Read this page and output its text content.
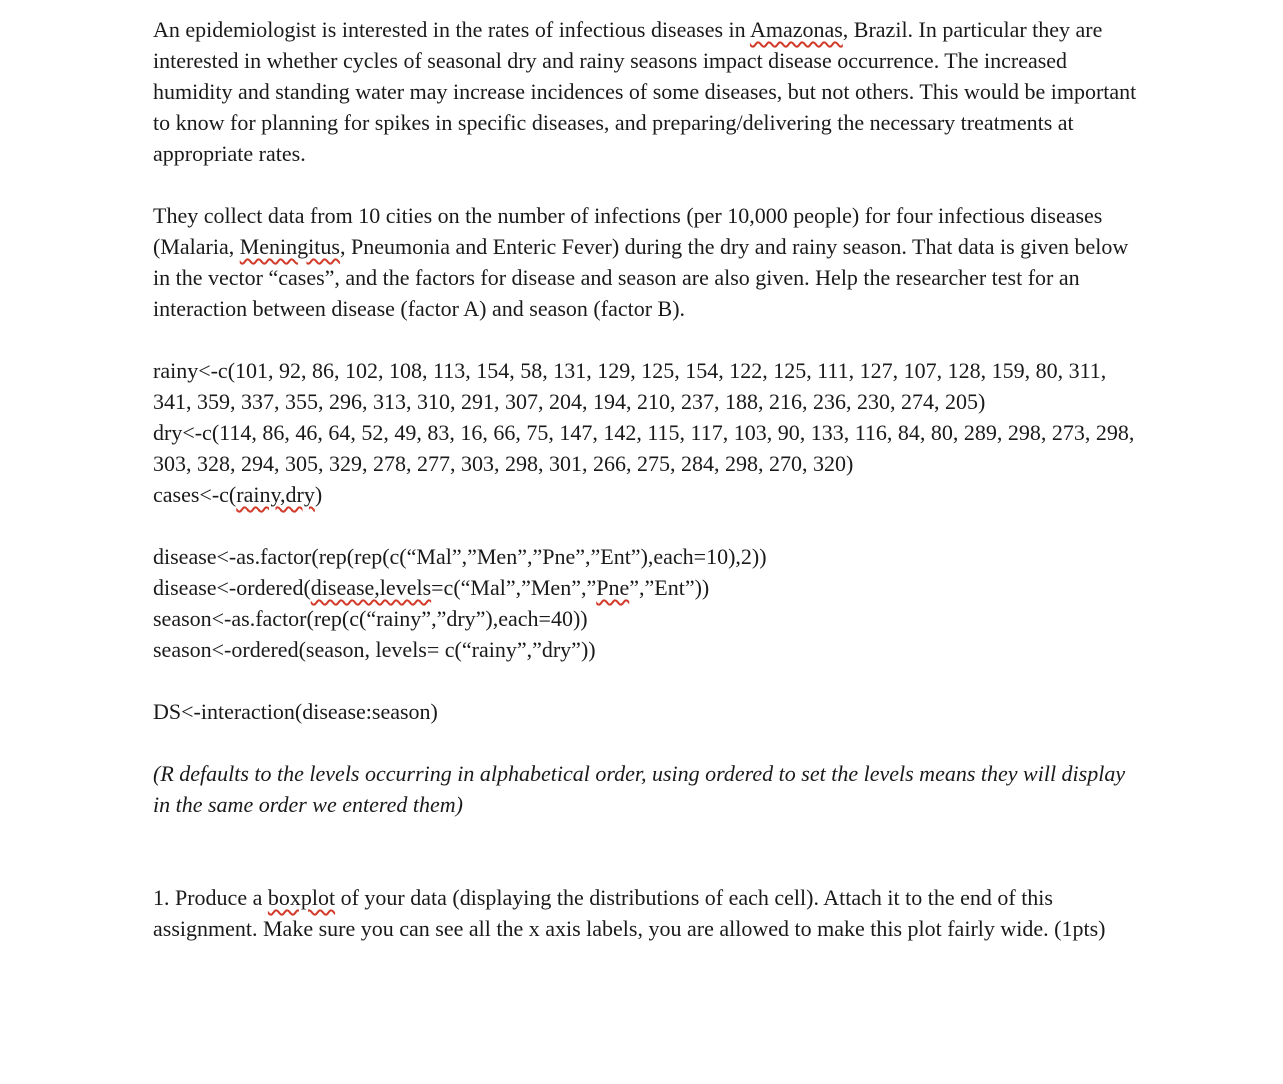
An epidemiologist is interested in the rates of infectious diseases in Amazonas, Brazil. In particular they are interested in whether cycles of seasonal dry and rainy seasons impact disease occurrence. The increased humidity and standing water may increase incidences of some diseases, but not others. This would be important to know for planning for spikes in specific diseases, and preparing/delivering the necessary treatments at appropriate rates.

They collect data from 10 cities on the number of infections (per 10,000 people) for four infectious diseases (Malaria, Meningitus, Pneumonia and Enteric Fever) during the dry and rainy season. That data is given below in the vector “cases”, and the factors for disease and season are also given. Help the researcher test for an interaction between disease (factor A) and season (factor B).

rainy<-c(101, 92, 86, 102, 108, 113, 154, 58, 131, 129, 125, 154, 122, 125, 111, 127, 107, 128, 159, 80, 311, 341, 359, 337, 355, 296, 313, 310, 291, 307, 204, 194, 210, 237, 188, 216, 236, 230, 274, 205)

dry<-c(114, 86, 46, 64, 52, 49, 83, 16, 66, 75, 147, 142, 115, 117, 103, 90, 133, 116, 84, 80, 289, 298, 273, 298, 303, 328, 294, 305, 329, 278, 277, 303, 298, 301, 266, 275, 284, 298, 270, 320)

cases<-c(rainy,dry)

disease<-as.factor(rep(rep(c(“Mal”,”Men”,”Pne”,”Ent”),each=10),2))

disease<-ordered(disease,levels=c(“Mal”,”Men”,”Pne”,”Ent”))

season<-as.factor(rep(c(“rainy”,”dry”),each=40))

season<-ordered(season, levels= c(“rainy”,”dry”))

DS<-interaction(disease:season)

(R defaults to the levels occurring in alphabetical order, using ordered to set the levels means they will display in the same order we entered them)

1. Produce a boxplot of your data (displaying the distributions of each cell). Attach it to the end of this assignment. Make sure you can see all the x axis labels, you are allowed to make this plot fairly wide. (1pts)
